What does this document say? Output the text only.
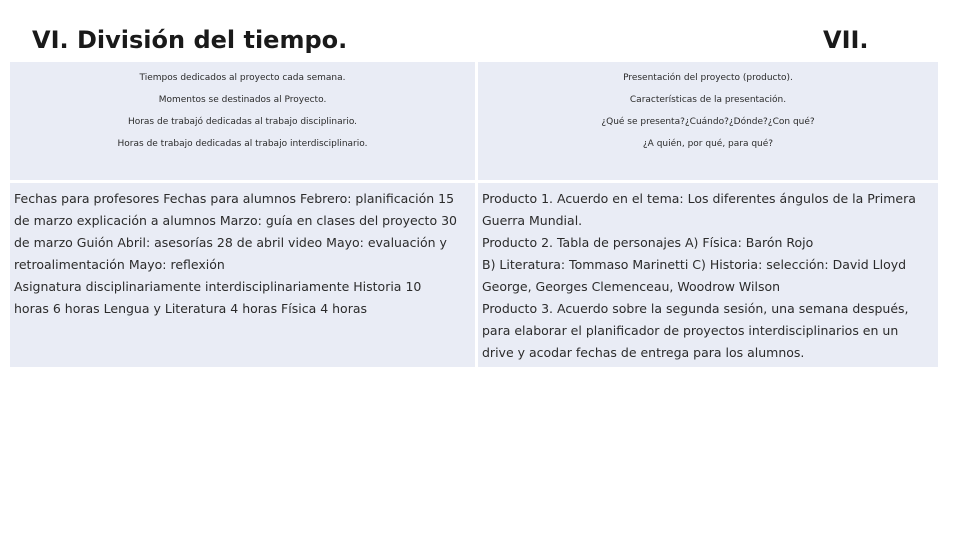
VI. División del tiempo.	VII.
Tiempos dedicados al proyecto cada semana.
Momentos se destinados al Proyecto.
Horas de trabajó dedicadas al trabajo disciplinario.
Horas de trabajo dedicadas al trabajo interdisciplinario.
Presentación del proyecto (producto).
Características de la presentación.
¿Qué se presenta?¿Cuándo?¿Dónde?¿Con qué?
¿A quién, por qué, para qué?
Fechas para profesores Fechas para alumnos Febrero: planificación 15
de marzo explicación a alumnos Marzo: guía en clases del proyecto 30
de marzo Guión Abril: asesorías 28 de abril video Mayo: evaluación y
retroalimentación Mayo: reflexión
Asignatura disciplinariamente interdisciplinariamente Historia 10
horas 6 horas Lengua y Literatura 4 horas Física 4 horas
Producto 1. Acuerdo en el tema: Los diferentes ángulos de la Primera
Guerra Mundial.
Producto 2. Tabla de personajes A) Física: Barón Rojo
B) Literatura: Tommaso Marinetti C) Historia: selección: David Lloyd
George, Georges Clemenceau, Woodrow Wilson
Producto 3. Acuerdo sobre la segunda sesión, una semana después,
para elaborar el planificador de proyectos interdisciplinarios en un
drive y acodar fechas de entrega para los alumnos.
